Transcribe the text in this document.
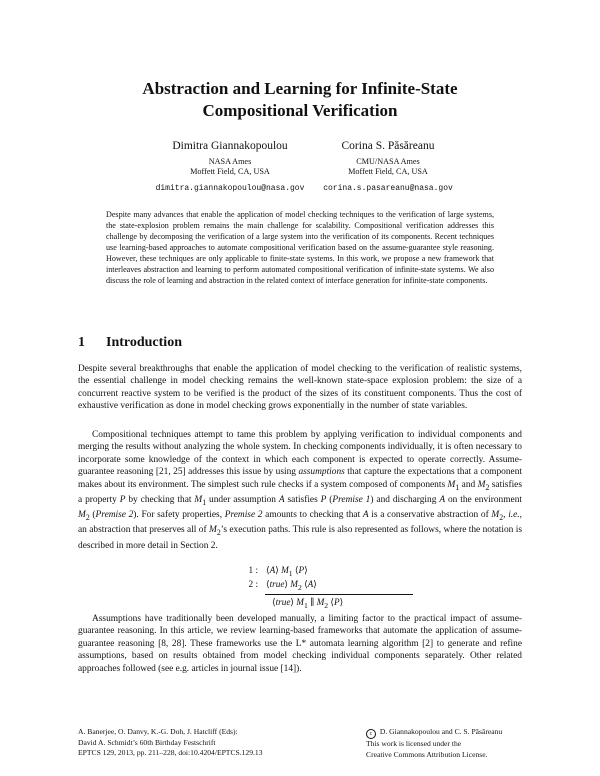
Abstraction and Learning for Infinite-State
Compositional Verification
Dimitra Giannakopoulou
NASA Ames
Moffett Field, CA, USA
dimitra.giannakopoulou@nasa.gov
Corina S. Păsăreanu
CMU/NASA Ames
Moffett Field, CA, USA
corina.s.pasareanu@nasa.gov

Despite many advances that enable the application of model checking techniques to the verification of large systems, the state-explosion problem remains the main challenge for scalability. Compositional verification addresses this challenge by decomposing the verification of a large system into the verification of its components. Recent techniques use learning-based approaches to automate compositional verification based on the assume-guarantee style reasoning. However, these techniques are only applicable to finite-state systems. In this work, we propose a new framework that interleaves abstraction and learning to perform automated compositional verification of infinite-state systems. We also discuss the role of learning and abstraction in the related context of interface generation for infinite-state components.

1 Introduction

Despite several breakthroughs that enable the application of model checking to the verification of realistic systems, the essential challenge in model checking remains the well-known state-space explosion problem: the size of a concurrent reactive system to be verified is the product of the sizes of its constituent components. Thus the cost of exhaustive verification as done in model checking grows exponentially in the number of state variables.

Compositional techniques attempt to tame this problem by applying verification to individual components and merging the results without analyzing the whole system. In checking components individually, it is often necessary to incorporate some knowledge of the context in which each component is expected to operate correctly. Assume-guarantee reasoning [21, 25] addresses this issue by using assumptions that capture the expectations that a component makes about its environment. The simplest such rule checks if a system composed of components $M_1$ and $M_2$ satisfies a property P by checking that $M_1$ under assumption A satisfies P (Premise 1) and discharging A on the environment $M_2$ (Premise 2). For safety properties, Premise 2 amounts to checking that A is a conservative abstraction of $M_2$, i.e., an abstraction that preserves all of $M_2’s$ execution paths. This rule is also represented as follows, where the notation is described in more detail in Section 2.

1 : ⟨A⟩ $M_1$ ⟨P⟩
2 : ⟨true⟩ $M_2$ ⟨A⟩
⟨true⟩ $M_1$ ∥ $M_2$ ⟨P⟩

Assumptions have traditionally been developed manually, a limiting factor to the practical impact of assume-guarantee reasoning. In this article, we review learning-based frameworks that automate the application of assume-guarantee reasoning [8, 28]. These frameworks use the L* automata learning algorithm [2] to generate and refine assumptions, based on results obtained from model checking individual components separately. Other related approaches followed (see e.g. articles in journal issue [14]).

A. Banerjee, O. Danvy, K.-G. Doh, J. Hatcliff (Eds):
David A. Schmidt’s 60th Birthday Festschrift
EPTCS 129, 2013, pp. 211–228, doi:10.4204/EPTCS.129.13
c D. Giannakopoulou and C. S. Păsăreanu
This work is licensed under the
Creative Commons Attribution License.
